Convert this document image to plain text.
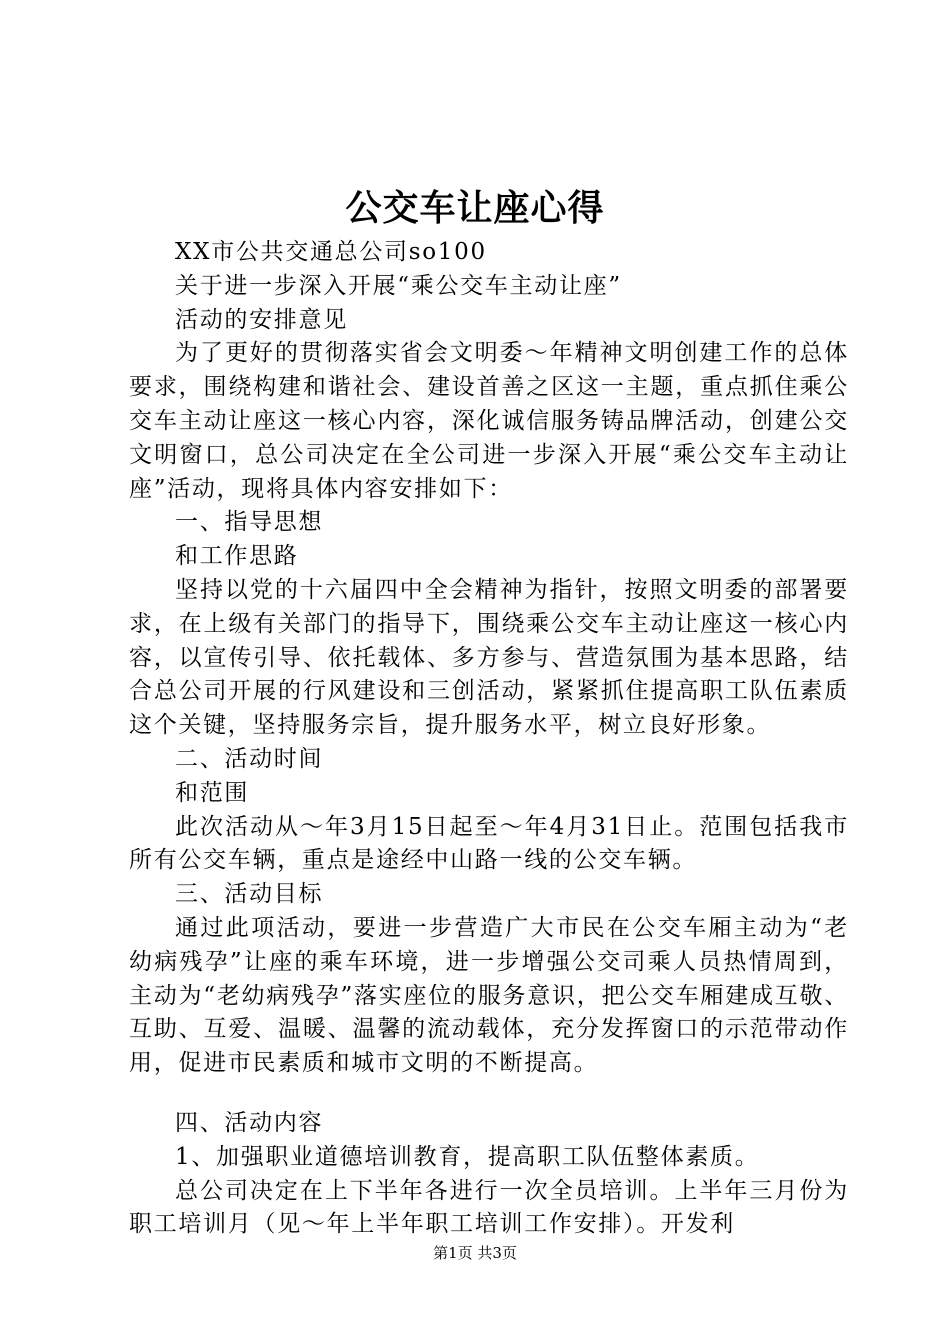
公交车让座心得

XX市公共交通总公司so100

关于进一步深入开展“乘公交车主动让座”

活动的安排意见

为了更好的贯彻落实省会文明委～年精神文明创建工作的总体要求，围绕构建和谐社会、建设首善之区这一主题，重点抓住乘公交车主动让座这一核心内容，深化诚信服务铸品牌活动，创建公交文明窗口，总公司决定在全公司进一步深入开展“乘公交车主动让座”活动，现将具体内容安排如下：

一、指导思想

和工作思路

坚持以党的十六届四中全会精神为指针，按照文明委的部署要求，在上级有关部门的指导下，围绕乘公交车主动让座这一核心内容，以宣传引导、依托载体、多方参与、营造氛围为基本思路，结合总公司开展的行风建设和三创活动，紧紧抓住提高职工队伍素质这个关键，坚持服务宗旨，提升服务水平，树立良好形象。

二、活动时间

和范围

此次活动从～年3月15日起至～年4月31日止。范围包括我市所有公交车辆，重点是途经中山路一线的公交车辆。

三、活动目标

通过此项活动，要进一步营造广大市民在公交车厢主动为“老幼病残孕”让座的乘车环境，进一步增强公交司乘人员热情周到，主动为“老幼病残孕”落实座位的服务意识，把公交车厢建成互敬、互助、互爱、温暖、温馨的流动载体，充分发挥窗口的示范带动作用，促进市民素质和城市文明的不断提高。

四、活动内容

1、加强职业道德培训教育，提高职工队伍整体素质。

总公司决定在上下半年各进行一次全员培训。上半年三月份为职工培训月（见～年上半年职工培训工作安排）。开发利

第1页 共3页
